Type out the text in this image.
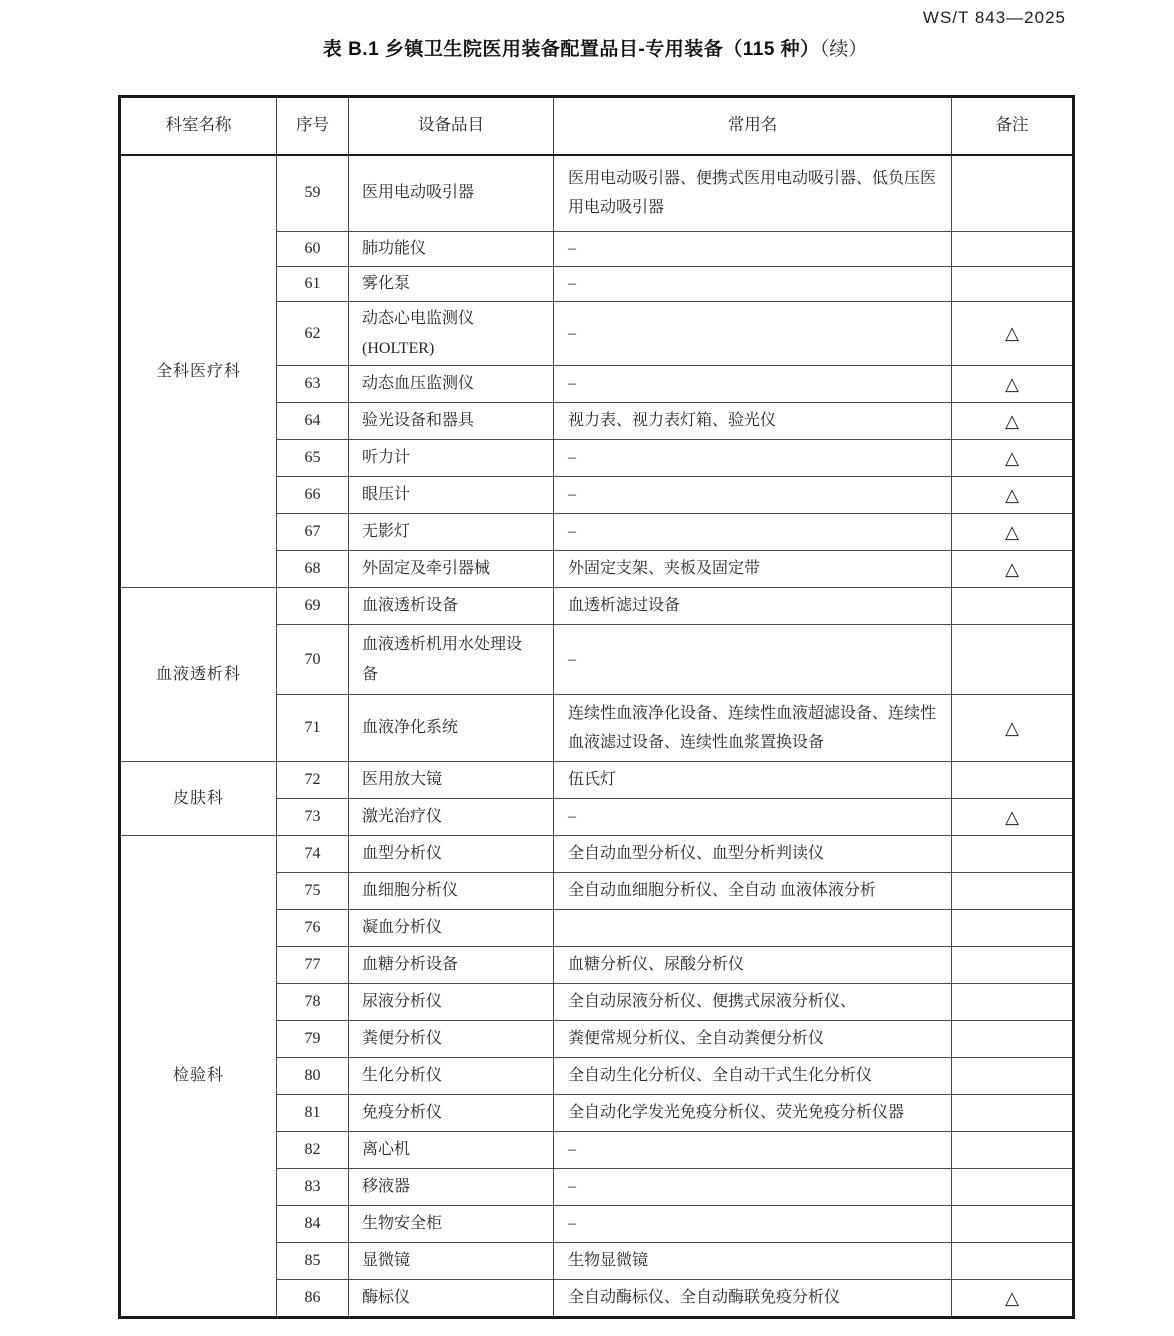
WS/T 843—2025
表 B.1 乡镇卫生院医用装备配置品目-专用装备（115 种）（续）
科室名称	序号	设备品目	常用名	备注
全科医疗科	59	医用电动吸引器	医用电动吸引器、便携式医用电动吸引器、低负压医用电动吸引器	
	60	肺功能仪	–	
	61	雾化泵	–	
	62	动态心电监测仪(HOLTER)	–	△
	63	动态血压监测仪	–	△
	64	验光设备和器具	视力表、视力表灯箱、验光仪	△
	65	听力计	–	△
	66	眼压计	–	△
	67	无影灯	–	△
	68	外固定及牵引器械	外固定支架、夹板及固定带	△
血液透析科	69	血液透析设备	血透析滤过设备	
	70	血液透析机用水处理设备	–	
	71	血液净化系统	连续性血液净化设备、连续性血液超滤设备、连续性血液滤过设备、连续性血浆置换设备	△
皮肤科	72	医用放大镜	伍氏灯	
	73	激光治疗仪	–	△
检验科	74	血型分析仪	全自动血型分析仪、血型分析判读仪	
	75	血细胞分析仪	全自动血细胞分析仪、全自动 血液体液分析	
	76	凝血分析仪		
	77	血糖分析设备	血糖分析仪、尿酸分析仪	
	78	尿液分析仪	全自动尿液分析仪、便携式尿液分析仪、	
	79	粪便分析仪	粪便常规分析仪、全自动粪便分析仪	
	80	生化分析仪	全自动生化分析仪、全自动干式生化分析仪	
	81	免疫分析仪	全自动化学发光免疫分析仪、荧光免疫分析仪器	
	82	离心机	–	
	83	移液器	–	
	84	生物安全柜	–	
	85	显微镜	生物显微镜	
	86	酶标仪	全自动酶标仪、全自动酶联免疫分析仪	△
